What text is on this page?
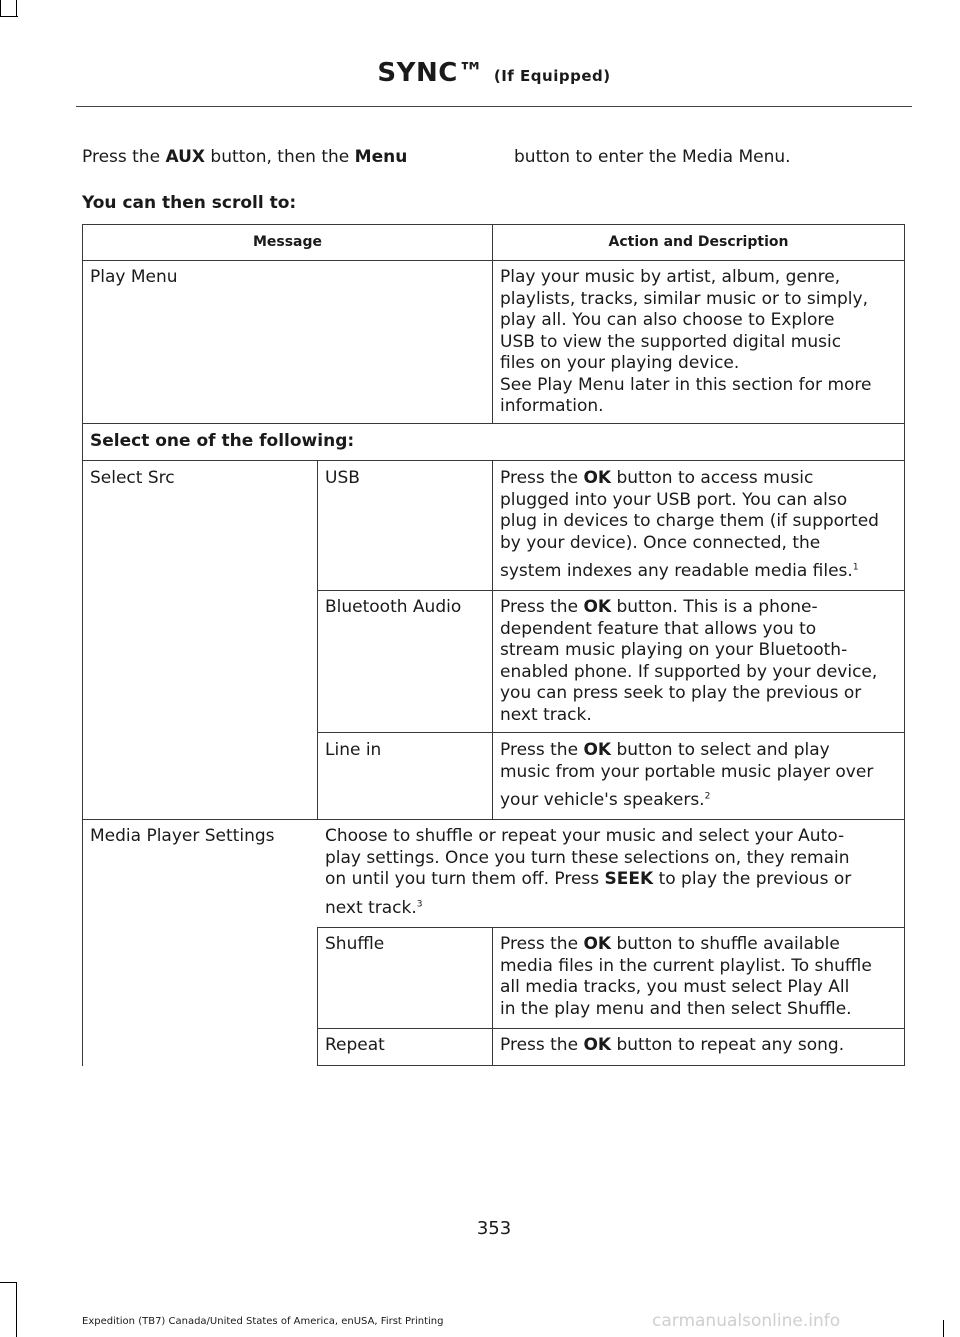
SYNC™ (If Equipped)
Press the AUX button, then the Menu	button to enter the Media Menu.
You can then scroll to:
Message	Action and Description
Play Menu	Play your music by artist, album, genre,
playlists, tracks, similar music or to simply,
play all. You can also choose to Explore
USB to view the supported digital music
files on your playing device.
See Play Menu later in this section for more
information.
Select one of the following:
Select Src	USB	Press the OK button to access music
plugged into your USB port. You can also
plug in devices to charge them (if supported
by your device). Once connected, the
system indexes any readable media files.$^1$
Bluetooth Audio Press the OK button. This is a phone-
dependent feature that allows you to
stream music playing on your Bluetooth-
enabled phone. If supported by your device,
you can press seek to play the previous or
next track.
Line in	Press the OK button to select and play
music from your portable music player over
your vehicle's speakers.$^2$
Media Player Settings	Choose to shuffle or repeat your music and select your Auto-
play settings. Once you turn these selections on, they remain
on until you turn them off. Press SEEK to play the previous or
next track.$^3$
Shuffle	Press the OK button to shuffle available
media files in the current playlist. To shuffle
all media tracks, you must select Play All
in the play menu and then select Shuffle.
Repeat	Press the OK button to repeat any song.
353
Expedition (TB7) Canada/United States of America, enUSA, First Printing	carmanualsonline.info
